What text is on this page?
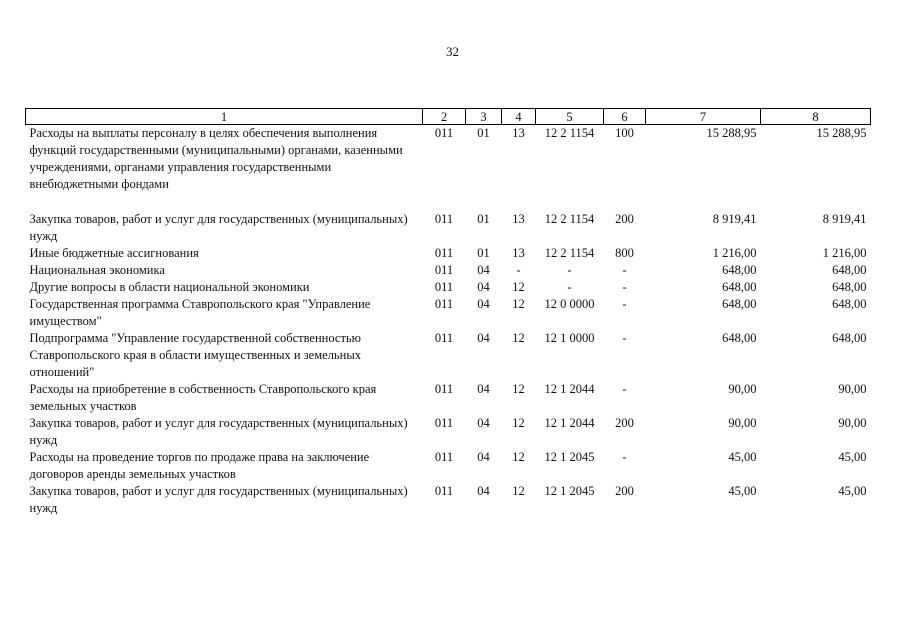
32
1	2	3	4	5	6	7	8
Расходы на выплаты персоналу в целях обеспечения выполнения функций государственными (муниципальными) органами, казенными учреждениями, органами управления государственными внебюджетными фондами	011	01	13	12 2 1154	100	15 288,95	15 288,95

Закупка товаров, работ и услуг для государственных (муниципальных) нужд	011	01	13	12 2 1154	200	8 919,41	8 919,41
Иные бюджетные ассигнования	011	01	13	12 2 1154	800	1 216,00	1 216,00
Национальная экономика	011	04	-	-	-	648,00	648,00
Другие вопросы в области национальной экономики	011	04	12	-	-	648,00	648,00
Государственная программа Ставропольского края "Управление имуществом"	011	04	12	12 0 0000	-	648,00	648,00
Подпрограмма "Управление государственной собственностью Ставропольского края в области имущественных и земельных отношений"	011	04	12	12 1 0000	-	648,00	648,00
Расходы на приобретение в собственность Ставропольского края земельных участков	011	04	12	12 1 2044	-	90,00	90,00
Закупка товаров, работ и услуг для государственных (муниципальных) нужд	011	04	12	12 1 2044	200	90,00	90,00
Расходы на проведение торгов по продаже права на заключение договоров аренды земельных участков	011	04	12	12 1 2045	-	45,00	45,00
Закупка товаров, работ и услуг для государственных (муниципальных) нужд	011	04	12	12 1 2045	200	45,00	45,00
